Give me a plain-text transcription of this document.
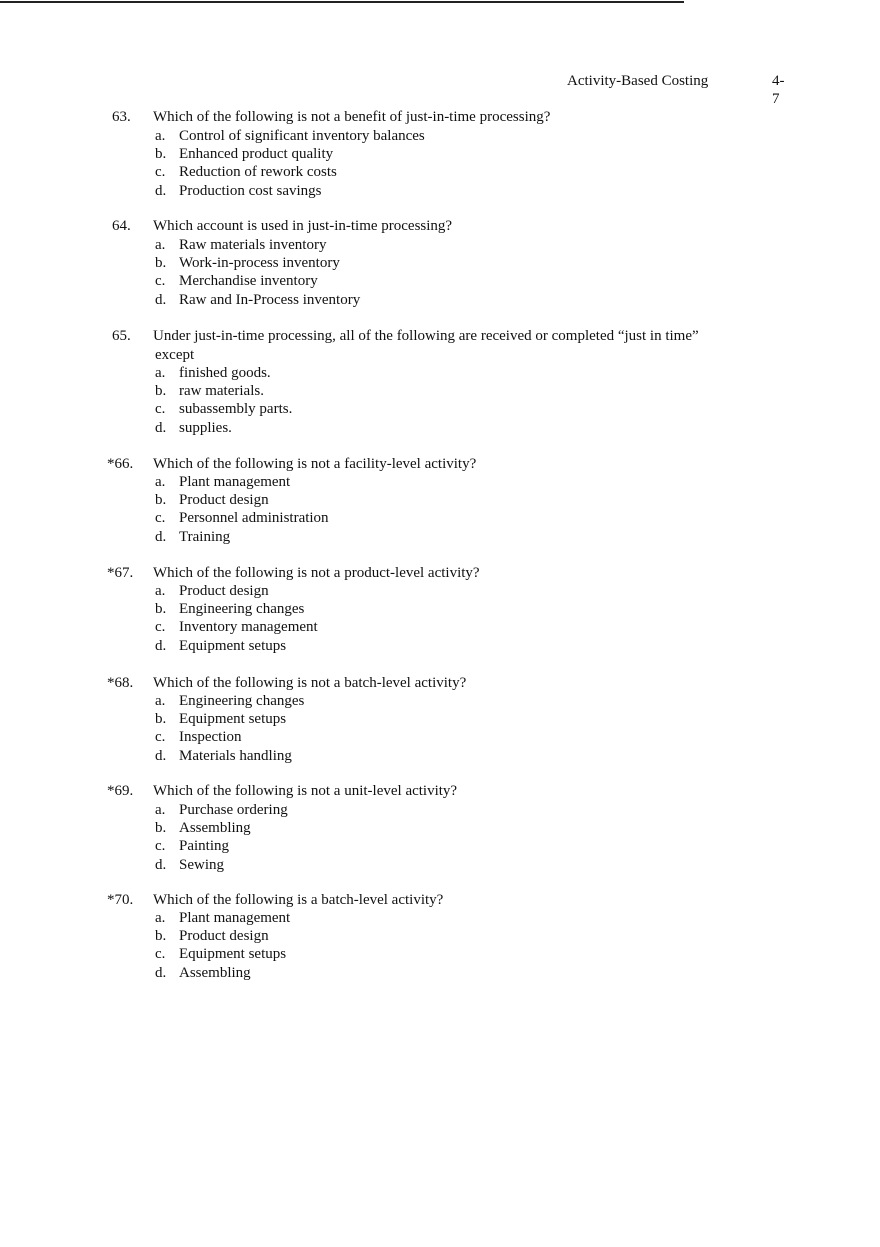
Activity-Based Costing	4-
7
63.	Which of the following is not a benefit of just-in-time processing?
a. Control of significant inventory balances
b. Enhanced product quality
c. Reduction of rework costs
d. Production cost savings
64.	Which account is used in just-in-time processing?
a. Raw materials inventory
b. Work-in-process inventory
c. Merchandise inventory
d. Raw and In-Process inventory
65.	Under just-in-time processing, all of the following are received or completed “just in time”
except
a. finished goods.
b. raw materials.
c. subassembly parts.
d. supplies.
*66.	Which of the following is not a facility-level activity?
a. Plant management
b. Product design
c. Personnel administration
d. Training
*67.	Which of the following is not a product-level activity?
a. Product design
b. Engineering changes
c. Inventory management
d. Equipment setups
*68.	Which of the following is not a batch-level activity?
a. Engineering changes
b. Equipment setups
c. Inspection
d. Materials handling
*69.	Which of the following is not a unit-level activity?
a. Purchase ordering
b. Assembling
c. Painting
d. Sewing
*70.	Which of the following is a batch-level activity?
a. Plant management
b. Product design
c. Equipment setups
d. Assembling
